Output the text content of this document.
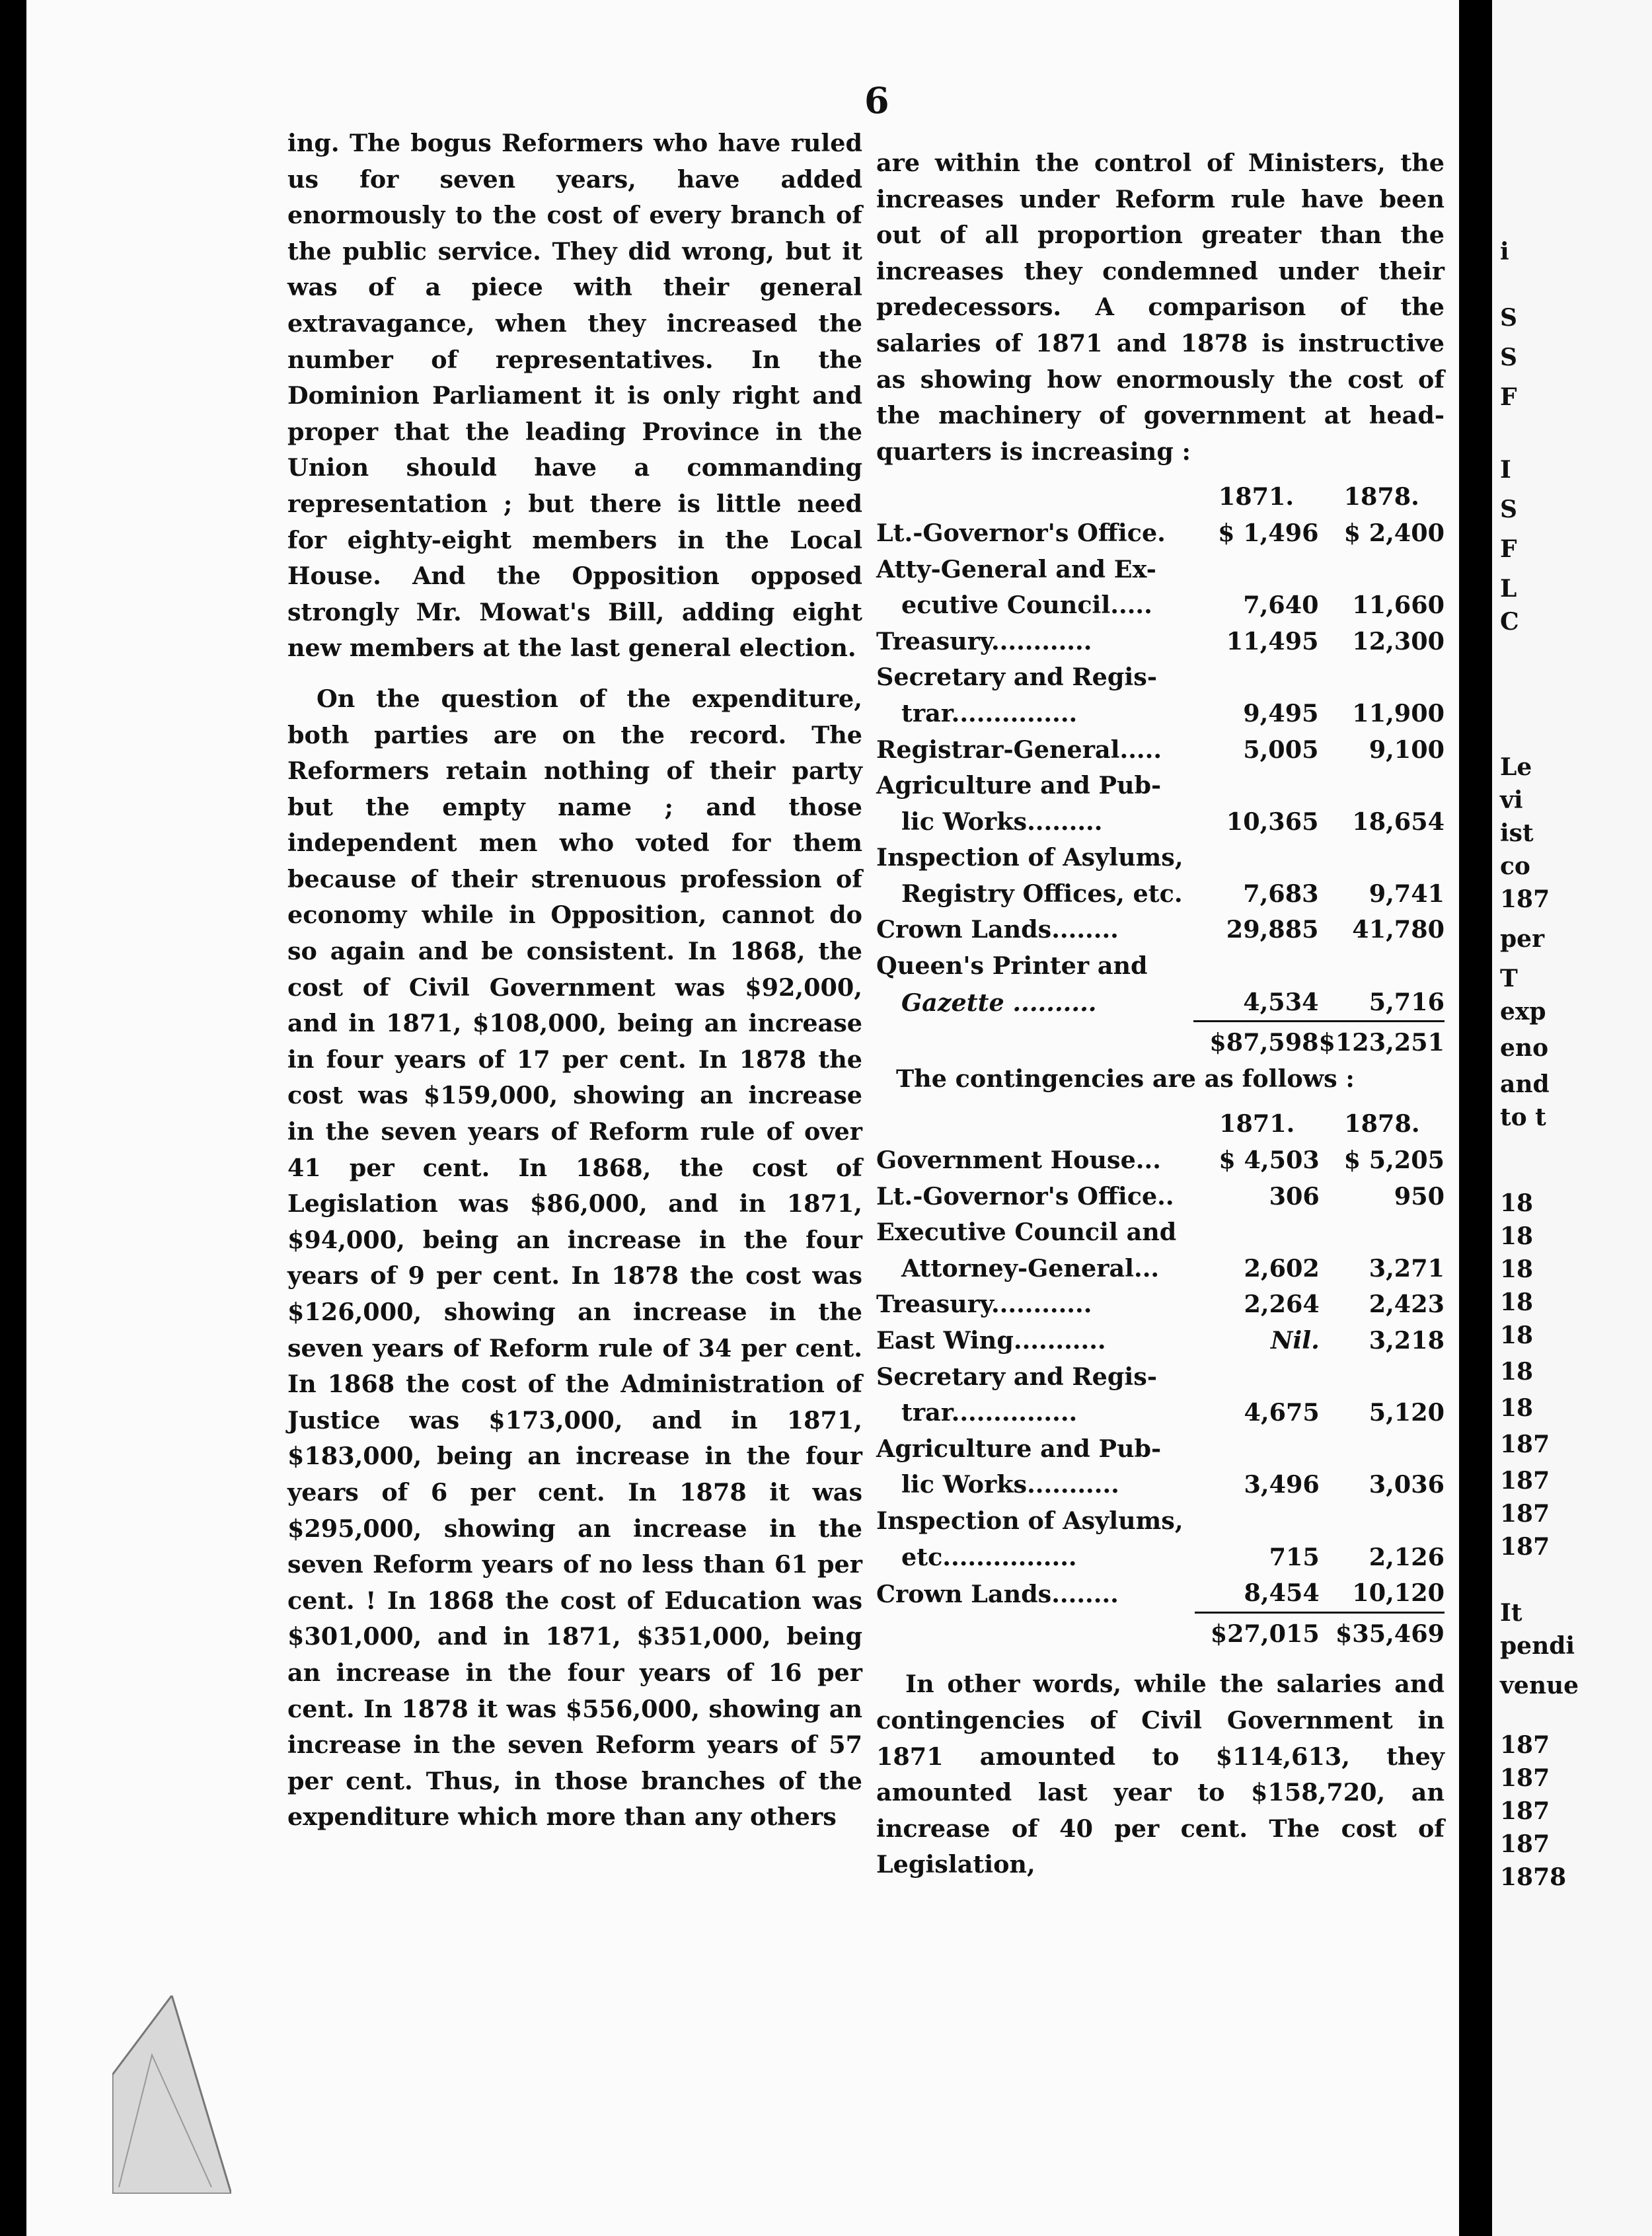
6

ing. The bogus Reformers who have ruled us for seven years, have added enormously to the cost of every branch of the public service. They did wrong, but it was of a piece with their general extravagance, when they increased the number of representatives. In the Dominion Parliament it is only right and proper that the leading Province in the Union should have a commanding representation ; but there is little need for eighty-eight members in the Local House. And the Opposition opposed strongly Mr. Mowat's Bill, adding eight new members at the last general election.

On the question of the expenditure, both parties are on the record. The Reformers retain nothing of their party but the empty name ; and those independent men who voted for them because of their strenuous profession of economy while in Opposition, cannot do so again and be consistent. In 1868, the cost of Civil Government was $92,000, and in 1871, $108,000, being an increase in four years of 17 per cent. In 1878 the cost was $159,000, showing an increase in the seven years of Reform rule of over 41 per cent. In 1868, the cost of Legislation was $86,000, and in 1871, $94,000, being an increase in the four years of 9 per cent. In 1878 the cost was $126,000, showing an increase in the seven years of Reform rule of 34 per cent. In 1868 the cost of the Administration of Justice was $173,000, and in 1871, $183,000, being an increase in the four years of 6 per cent. In 1878 it was $295,000, showing an increase in the seven Reform years of no less than 61 per cent. ! In 1868 the cost of Education was $301,000, and in 1871, $351,000, being an increase in the four years of 16 per cent. In 1878 it was $556,000, showing an increase in the seven Reform years of 57 per cent. Thus, in those branches of the expenditure which more than any others

are within the control of Ministers, the increases under Reform rule have been out of all proportion greater than the increases they condemned under their predecessors. A comparison of the salaries of 1871 and 1878 is instructive as showing how enormously the cost of the machinery of government at head-quarters is increasing :

	1871.	1878.
Lt.-Governor's Office.	$ 1,496	$ 2,400
Atty-General and Ex-		
ecutive Council.....	7,640	11,660
Treasury............	11,495	12,300
Secretary and Regis-		
trar...............	9,495	11,900
Registrar-General.....	5,005	9,100
Agriculture and Pub-		
lic Works.........	10,365	18,654
Inspection of Asylums,		
Registry Offices, etc.	7,683	9,741
Crown Lands........	29,885	41,780
Queen's Printer and		
Gazette ..........	4,534	5,716
	$87,598	$123,251

The contingencies are as follows :

	1871.	1878.
Government House...	$ 4,503	$ 5,205
Lt.-Governor's Office..	306	950
Executive Council and		
Attorney-General...	2,602	3,271
Treasury............	2,264	2,423
East Wing...........	Nil.	3,218
Secretary and Regis-		
trar...............	4,675	5,120
Agriculture and Pub-		
lic Works...........	3,496	3,036
Inspection of Asylums,		
etc................	715	2,126
Crown Lands........	8,454	10,120
	$27,015	$35,469

In other words, while the salaries and contingencies of Civil Government in 1871 amounted to $114,613, they amounted last year to $158,720, an increase of 40 per cent. The cost of Legislation,

i
S
S
F
I
S
F
L
C
Le
vi
ist
co
187
per
T
exp
eno
and
to t
18
18
18
18
18
18
18
187
187
187
187
It
pendi
venue
187
187
187
187
1878
